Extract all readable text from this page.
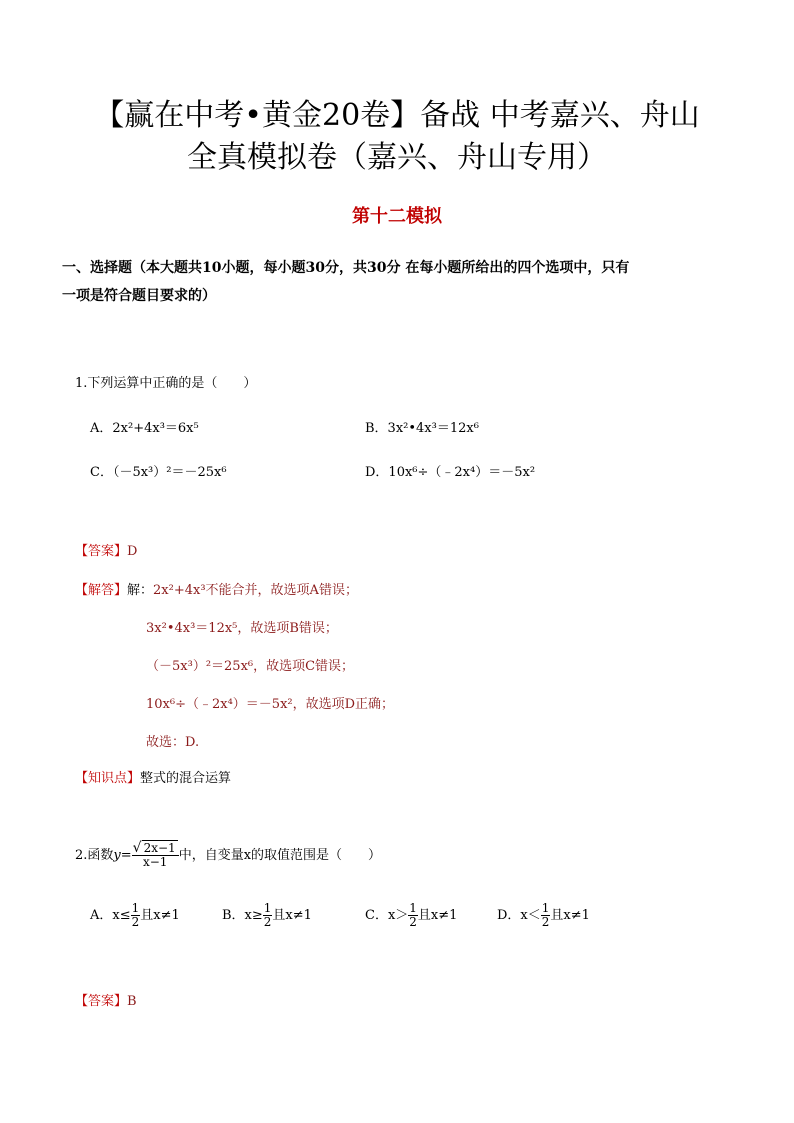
【赢在中考•黄金20卷】备战 中考嘉兴、舟山
全真模拟卷（嘉兴、舟山专用）
第十二模拟
一、选择题（本大题共10小题，每小题30分，共30分 在每小题所给出的四个选项中，只有
一项是符合题目要求的）
1.下列运算中正确的是（　　）
A．2x²+4x³＝6x⁵	B．3x²•4x³＝12x⁶
C．（－5x³）²＝－25x⁶	D．10x⁶÷（﹣2x⁴）＝－5x²
【答案】D
【解答】解：2x²+4x³不能合并，故选项A错误；
3x²•4x³＝12x⁵，故选项B错误；
（－5x³）²＝25x⁶，故选项C错误；
10x⁶÷（﹣2x⁴）＝－5x²，故选项D正确；
故选：D.
【知识点】整式的混合运算
2.函数$y= \frac{√ 2x-1}{x-1}$ 中，自变量x的取值范围是（　　）
A．$x\le \frac{1}{2}$ 且x≠1	B．$x\ge \frac{1}{2}$ 且x≠1	C．$x> \frac{1}{2}$ 且x≠1	D．$x< \frac{1}{2}$ 且x≠1
【答案】B
